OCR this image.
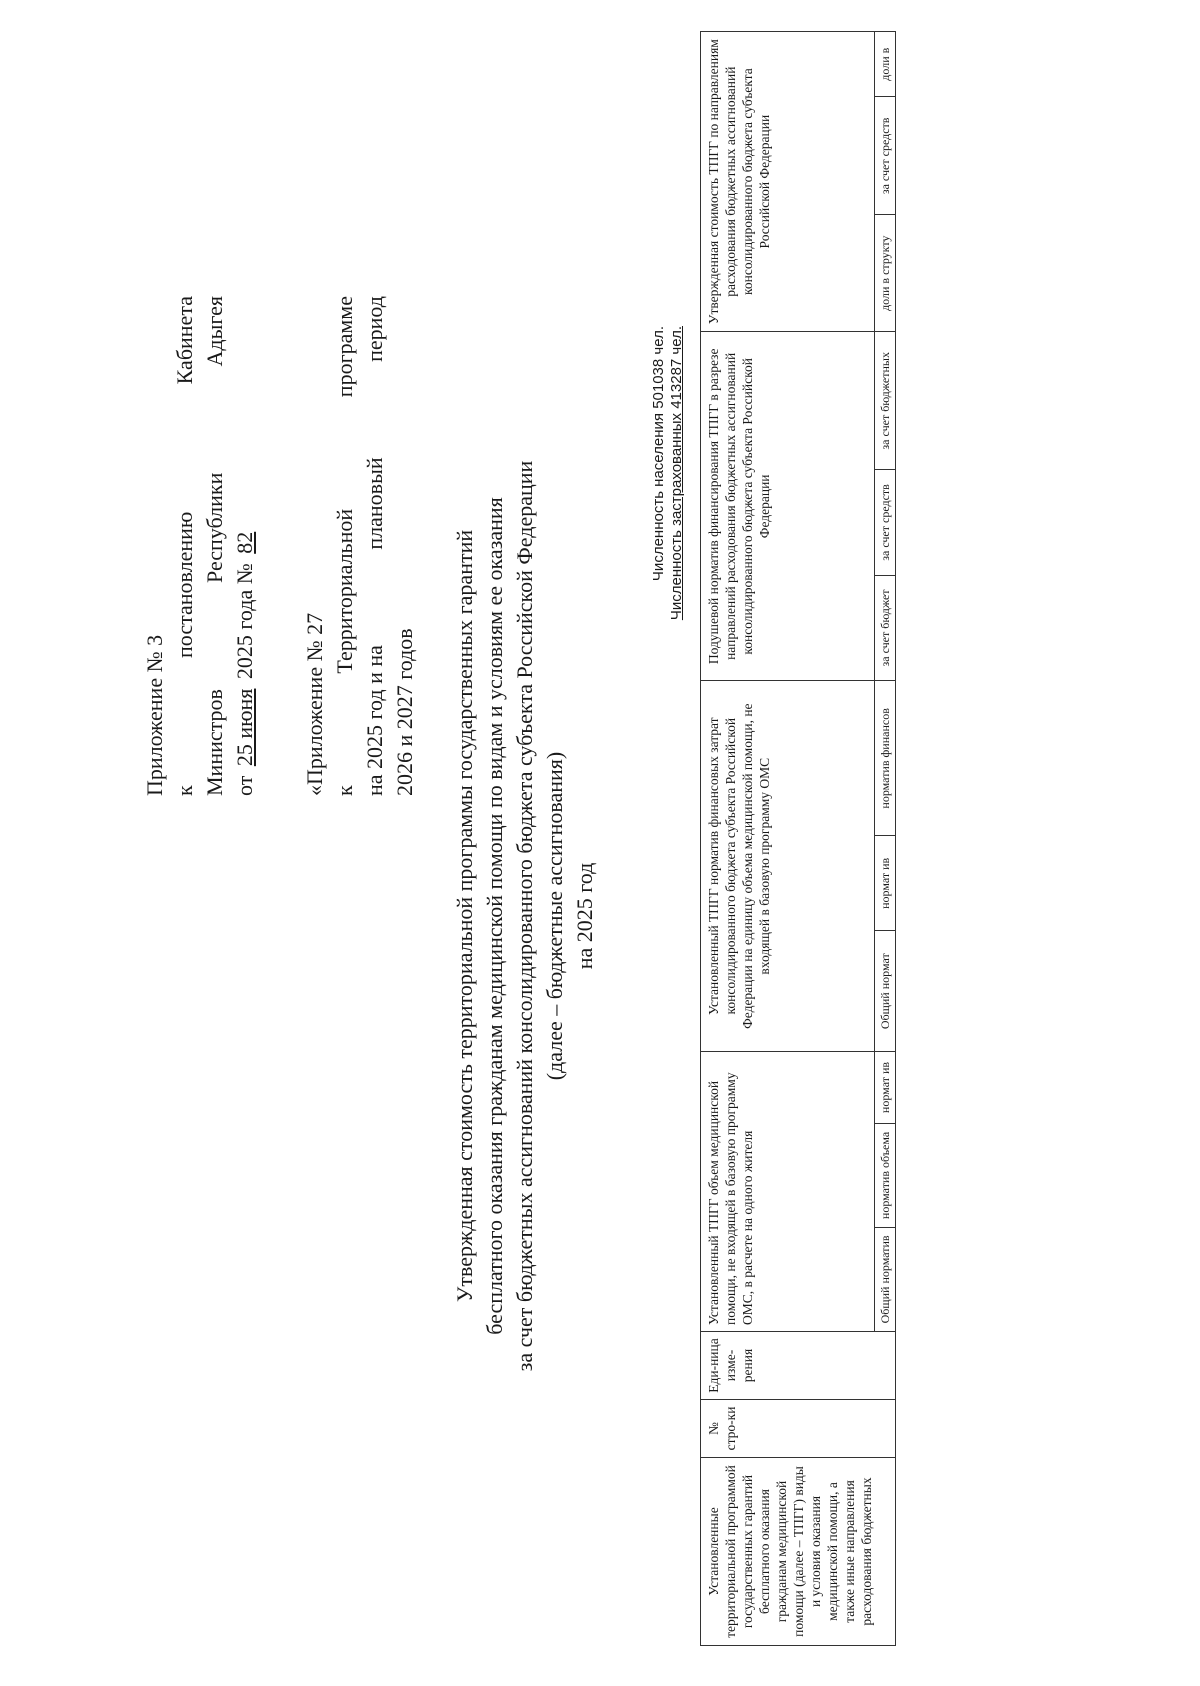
Приложение № 3 к
постановлению
Кабинета
Министров
Республики
Адыгея
от 25 июня 2025 года № 82
«Приложение № 27 к
Территориальной
программе
на 2025 год и на
плановый
период
2026 и 2027 годов Утвержденная стоимость территориальной программы государственных гарантий бесплатного оказания гражданам медицинской помощи по видам и условиям ее оказания за счет бюджетных ассигнований консолидированного бюджета субъекта Российской Федерации (далее – бюджетные ассигнования) на 2025 год
Численность населения 501038 чел. Численность застрахованных 413287 чел.
Установленные территориальной программой государственных гарантий бесплатного оказания гражданам медицинской помощи (далее – ТПГГ) виды и условия оказания медицинской помощи, а также иные направления расходования бюджетных	№ стро-ки	Еди-ница изме-рения	Установленный ТПГГ объем медицинской помощи, не входящей в базовую программу ОМС, в расчете на одного жителя			Установленный ТПГГ норматив финансовых затрат консолидированного бюджета субъекта Российской Федерации на единицу объема медицинской помощи, не входящей в базовую программу ОМС			Подушевой норматив финансирования ТПГГ в разрезе направлений расходования бюджетных ассигнований консолидированного бюджета субъекта Российской Федерации			Утвержденная стоимость ТПГГ по направлениям расходования бюджетных ассигнований консолидированного бюджета субъекта Российской Федерации		
			Общий норматив	норматив объема	нормат ив	Общий нормат	нормат ив	норматив финансов	за счет бюджет	за счет средств	за счет бюджетных	доли в структу	за счет средств	доли в
